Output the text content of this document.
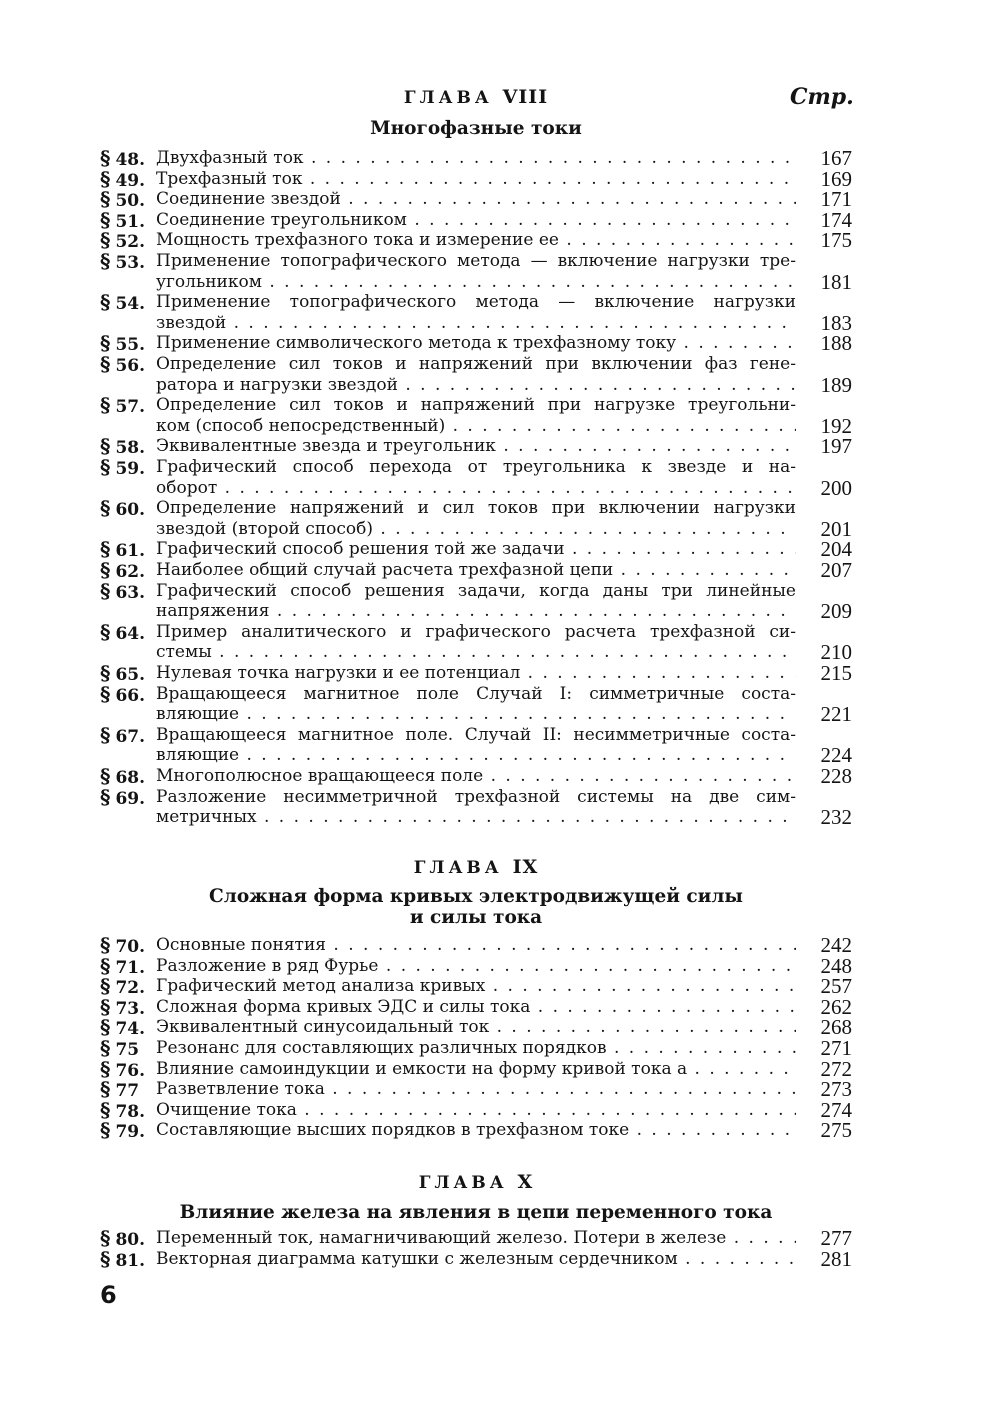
Стр.
ГЛАВА VIII
Многофазные токи
§ 48. Двухфазный ток . . .	167
§ 49. Трехфазный ток . . .	169
§ 50. Соединение звездой . . .	171
§ 51. Соединение треугольником . . .	174
§ 52. Мощность трехфазного тока и измерение ее . . .	175
§ 53. Применение топографического метода — включение нагрузки тре-
угольником . . .	181
§ 54. Применение топографического метода — включение нагрузки
звездой . . .	183
§ 55. Применение символического метода к трехфазному току . . .	188
§ 56. Определение сил токов и напряжений при включении фаз гене-
ратора и нагрузки звездой . . .	189
§ 57. Определение сил токов и напряжений при нагрузке треугольни-
ком (способ непосредственный) . . .	192
§ 58. Эквивалентные звезда и треугольник . . .	197
§ 59. Графический способ перехода от треугольника к звезде и на-
оборот . . .	200
§ 60. Определение напряжений и сил токов при включении нагрузки
звездой (второй способ) . . .	201
§ 61. Графический способ решения той же задачи . . .	204
§ 62. Наиболее общий случай расчета трехфазной цепи . . .	207
§ 63. Графический способ решения задачи, когда даны три линейные
напряжения . . .	209
§ 64. Пример аналитического и графического расчета трехфазной си-
стемы . . .	210
§ 65. Нулевая точка нагрузки и ее потенциал . . .	215
§ 66. Вращающееся магнитное поле Случай I: симметричные соста-
вляющие . . .	221
§ 67. Вращающееся магнитное поле. Случай II: несимметричные соста-
вляющие . . .	224
§ 68. Многополюсное вращающееся поле . . .	228
§ 69. Разложение несимметричной трехфазной системы на две сим-
метричных . . .	232
ГЛАВА IX
Сложная форма кривых электродвижущей силы
и силы тока
§ 70. Основные понятия . . .	242
§ 71. Разложение в ряд Фурье . . .	248
§ 72. Графический метод анализа кривых . . .	257
§ 73. Сложная форма кривых ЭДС и силы тока . . .	262
§ 74. Эквивалентный синусоидальный ток . . .	268
§ 75 Резонанс для составляющих различных порядков . . .	271
§ 76. Влияние самоиндукции и емкости на форму кривой тока а . . .	272
§ 77 Разветвление тока . . .	273
§ 78. Очищение тока . . .	274
§ 79. Составляющие высших порядков в трехфазном токе . . .	275
ГЛАВА X
Влияние железа на явления в цепи переменного тока
§ 80. Переменный ток, намагничивающий железо. Потери в железе . . .	277
§ 81. Векторная диаграмма катушки с железным сердечником . . .	281
6
